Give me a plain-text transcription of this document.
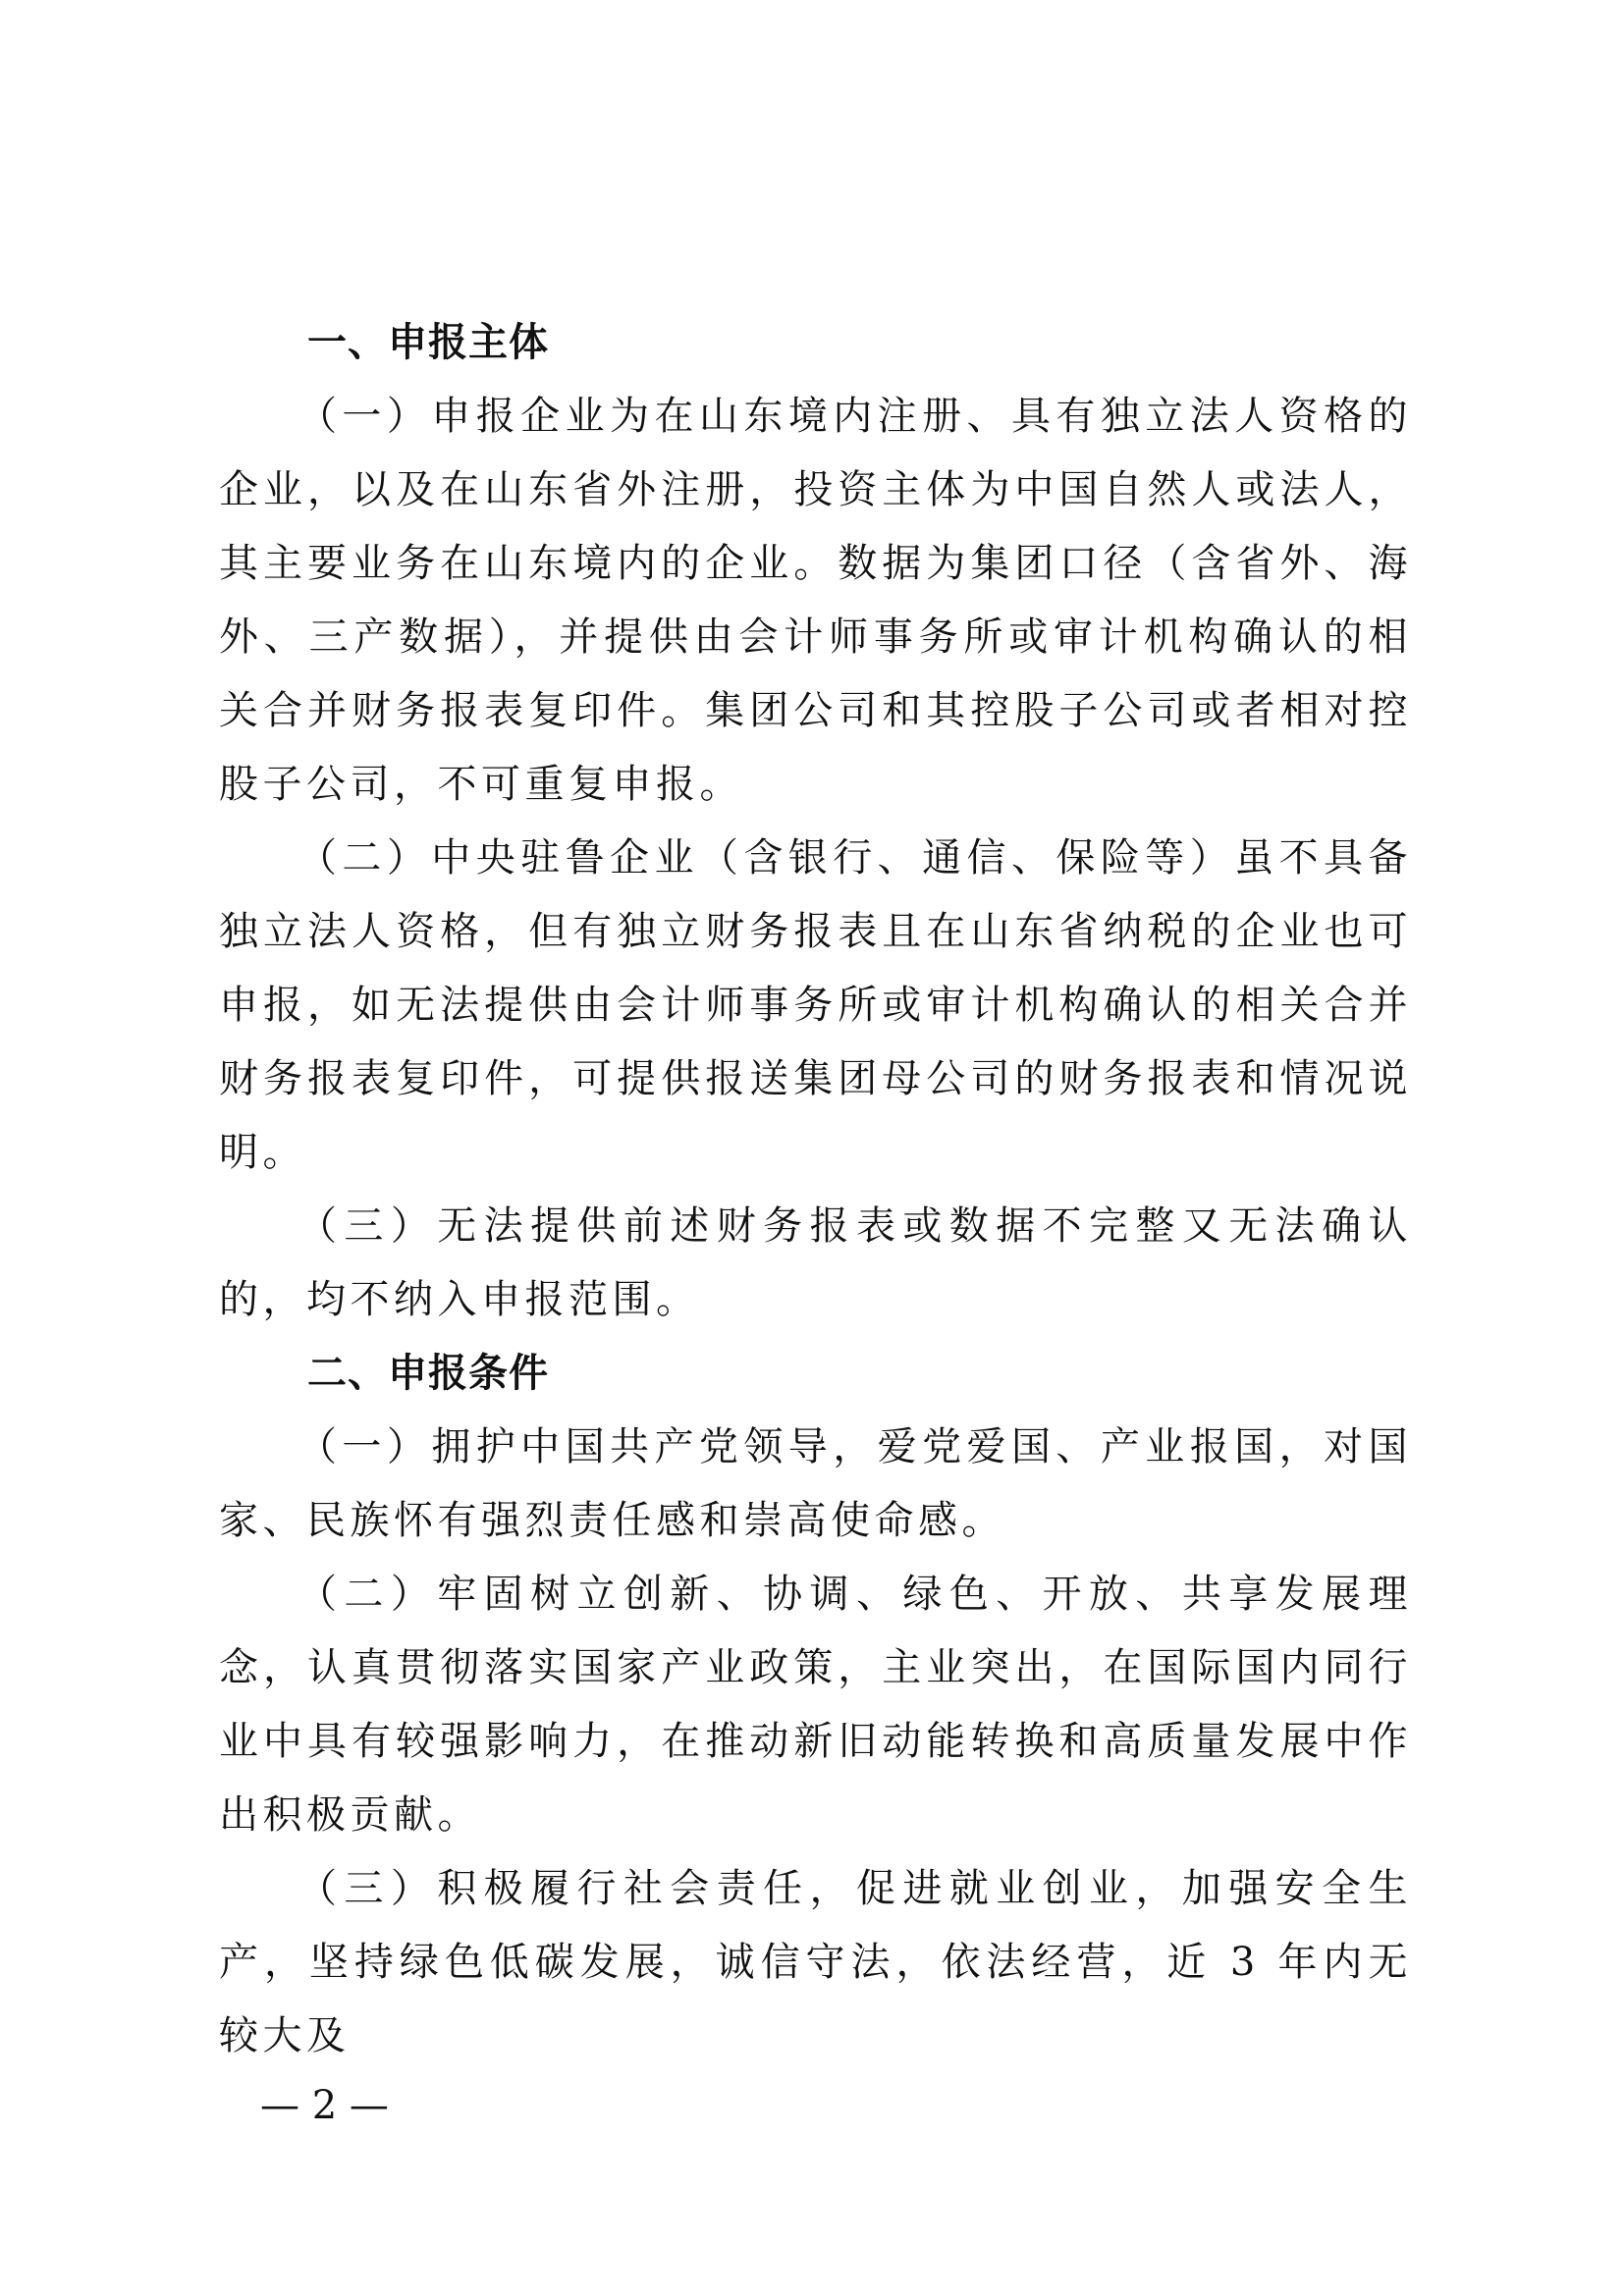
一、申报主体

（一）申报企业为在山东境内注册、具有独立法人资格的企业，以及在山东省外注册，投资主体为中国自然人或法人，其主要业务在山东境内的企业。数据为集团口径（含省外、海外、三产数据），并提供由会计师事务所或审计机构确认的相关合并财务报表复印件。集团公司和其控股子公司或者相对控股子公司，不可重复申报。

（二）中央驻鲁企业（含银行、通信、保险等）虽不具备独立法人资格，但有独立财务报表且在山东省纳税的企业也可申报，如无法提供由会计师事务所或审计机构确认的相关合并财务报表复印件，可提供报送集团母公司的财务报表和情况说明。

（三）无法提供前述财务报表或数据不完整又无法确认的，均不纳入申报范围。

二、申报条件

（一）拥护中国共产党领导，爱党爱国、产业报国，对国家、民族怀有强烈责任感和崇高使命感。

（二）牢固树立创新、协调、绿色、开放、共享发展理念，认真贯彻落实国家产业政策，主业突出，在国际国内同行业中具有较强影响力，在推动新旧动能转换和高质量发展中作出积极贡献。

（三）积极履行社会责任，促进就业创业，加强安全生产，坚持绿色低碳发展，诚信守法，依法经营，近 3 年内无较大及

— 2 —
